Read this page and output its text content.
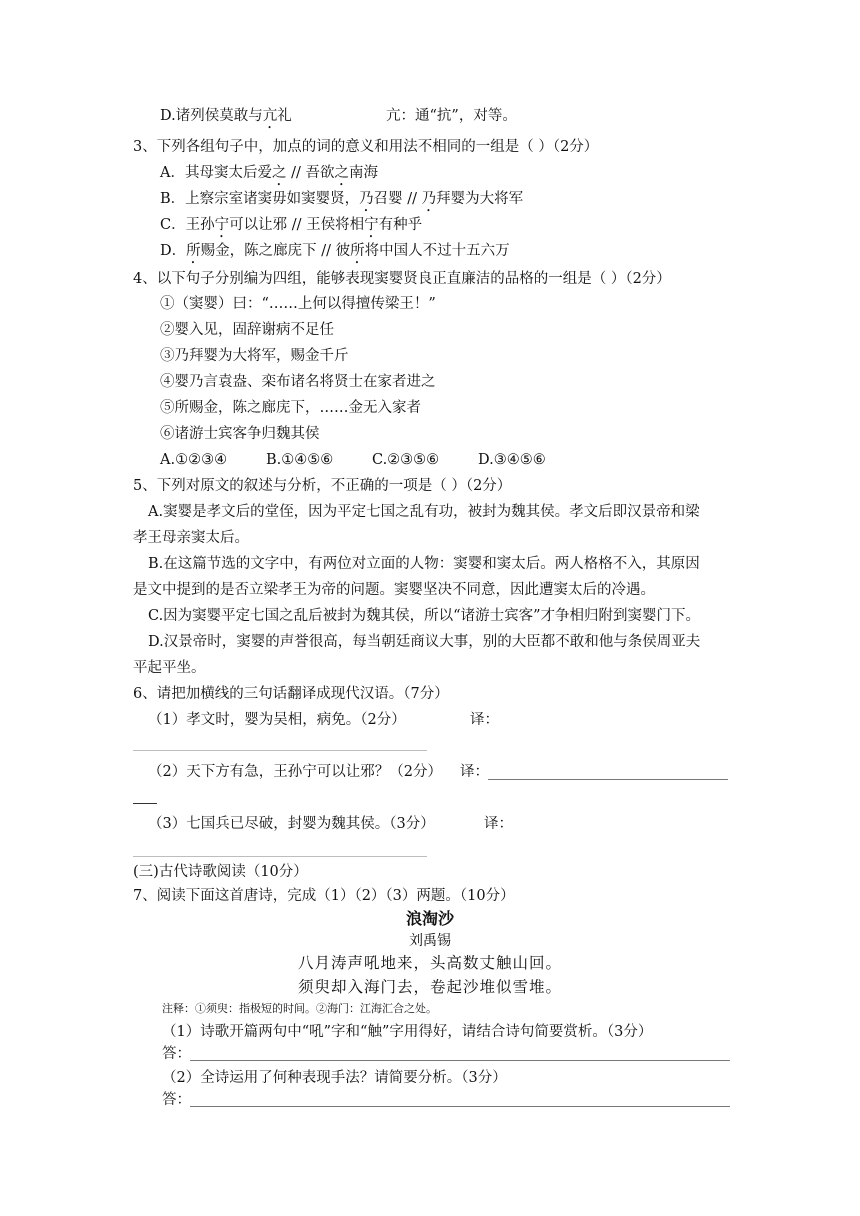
D.诸列侯莫敢与亢礼	亢：通“抗”，对等。
3、下列各组句子中，加点的词的意义和用法不相同的一组是（ ）（2分）
A．其母窦太后爱之 // 吾欲之南海
B．上察宗室诸窦毋如窦婴贤，乃召婴 // 乃拜婴为大将军
C．王孙宁可以让邪 // 王侯将相宁有种乎
D．所赐金，陈之廊庑下 // 彼所将中国人不过十五六万
4、以下句子分别编为四组，能够表现窦婴贤良正直廉洁的品格的一组是（ ）（2分）
①（窦婴）曰：“……上何以得擅传梁王！”
②婴入见，固辞谢病不足任
③乃拜婴为大将军，赐金千斤
④婴乃言袁盎、栾布诸名将贤士在家者进之
⑤所赐金，陈之廊庑下，……金无入家者
⑥诸游士宾客争归魏其侯
A.①②③④	B.①④⑤⑥	C.②③⑤⑥	D.③④⑤⑥
5、下列对原文的叙述与分析，不正确的一项是（ ）（2分）
A.窦婴是孝文后的堂侄，因为平定七国之乱有功，被封为魏其侯。孝文后即汉景帝和梁
孝王母亲窦太后。
B.在这篇节选的文字中，有两位对立面的人物：窦婴和窦太后。两人格格不入，其原因
是文中提到的是否立梁孝王为帝的问题。窦婴坚决不同意，因此遭窦太后的冷遇。
C.因为窦婴平定七国之乱后被封为魏其侯，所以“诸游士宾客”才争相归附到窦婴门下。
D.汉景帝时，窦婴的声誉很高，每当朝廷商议大事，别的大臣都不敢和他与条侯周亚夫
平起平坐。
6、请把加横线的三句话翻译成现代汉语。（7分）
（1）孝文时，婴为吴相，病免。（2分）	译：
（2）天下方有急，王孙宁可以让邪？（2分） 译：
（3）七国兵已尽破，封婴为魏其侯。（3分）	译：
(三)古代诗歌阅读（10分）
7、阅读下面这首唐诗，完成（1）（2）（3）两题。（10分）
浪淘沙
刘禹锡
八月涛声吼地来，头高数丈触山回。
须臾却入海门去，卷起沙堆似雪堆。
注释：①须臾：指极短的时间。②海门：江海汇合之处。
（1）诗歌开篇两句中“吼”字和“触”字用得好，请结合诗句简要赏析。（3分）
答：
（2）全诗运用了何种表现手法？请简要分析。（3分）
答：
